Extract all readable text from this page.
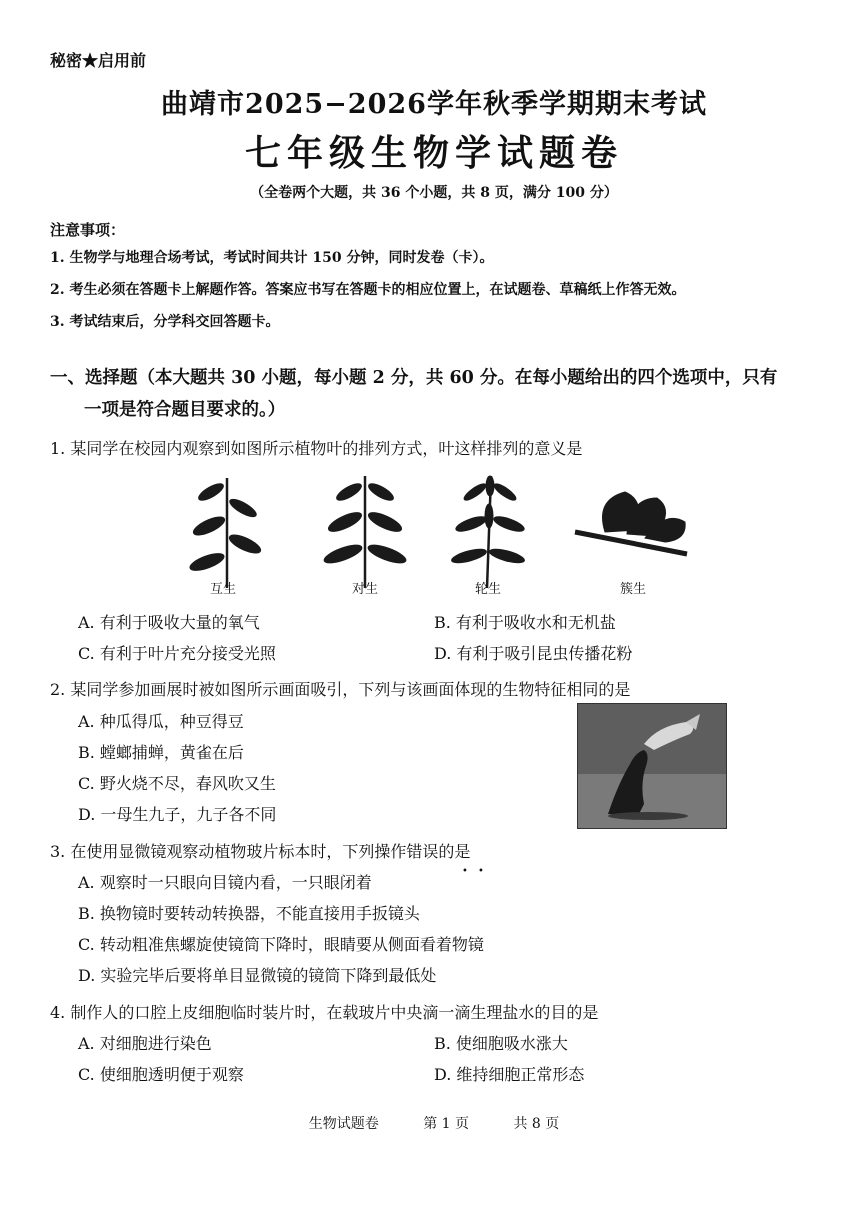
秘密★启用前
曲靖市2025−2026学年秋季学期期末考试
七年级生物学试题卷
（全卷两个大题，共 36 个小题，共 8 页，满分 100 分）
注意事项：
1. 生物学与地理合场考试，考试时间共计 150 分钟，同时发卷（卡）。
2. 考生必须在答题卡上解题作答。答案应书写在答题卡的相应位置上，在试题卷、草稿纸上作答无效。
3. 考试结束后，分学科交回答题卡。
一、选择题（本大题共 30 小题，每小题 2 分，共 60 分。在每小题给出的四个选项中，只有
一项是符合题目要求的。）
1. 某同学在校园内观察到如图所示植物叶的排列方式，叶这样排列的意义是
互生	对生	轮生	簇生
A. 有利于吸收大量的氧气	B. 有利于吸收水和无机盐
C. 有利于叶片充分接受光照	D. 有利于吸引昆虫传播花粉
2. 某同学参加画展时被如图所示画面吸引，下列与该画面体现的生物特征相同的是
A. 种瓜得瓜，种豆得豆
B. 螳螂捕蝉，黄雀在后
C. 野火烧不尽，春风吹又生
D. 一母生九子，九子各不同
3. 在使用显微镜观察动植物玻片标本时，下列操作错误的是
• •
A. 观察时一只眼向目镜内看，一只眼闭着
B. 换物镜时要转动转换器，不能直接用手扳镜头
C. 转动粗准焦螺旋使镜筒下降时，眼睛要从侧面看着物镜
D. 实验完毕后要将单目显微镜的镜筒下降到最低处
4. 制作人的口腔上皮细胞临时装片时，在载玻片中央滴一滴生理盐水的目的是
A. 对细胞进行染色	B. 使细胞吸水涨大
C. 使细胞透明便于观察	D. 维持细胞正常形态
生物试题卷	第 1 页	共 8 页
